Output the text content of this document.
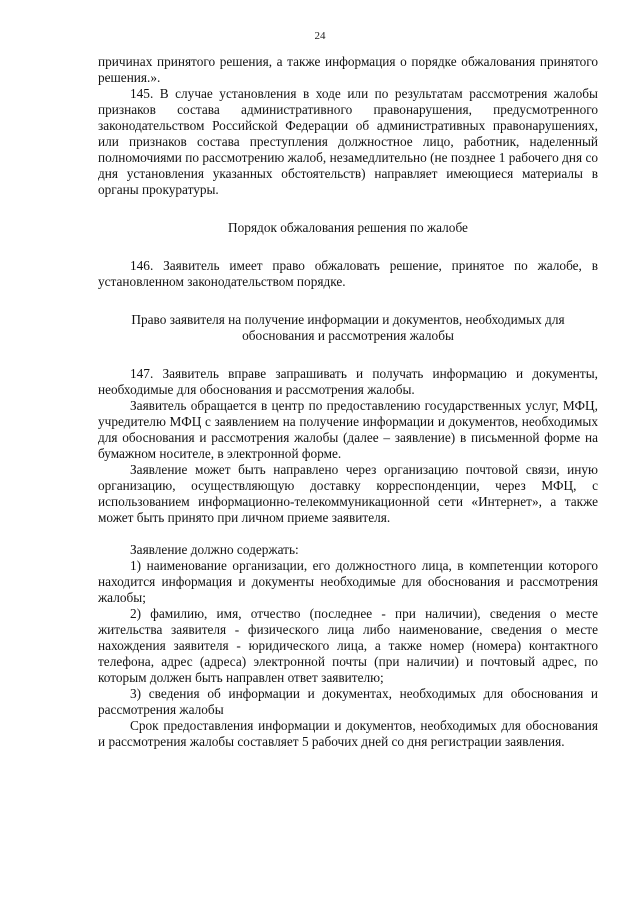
24

причинах принятого решения, а также информация о порядке обжалования принятого решения.».

145. В случае установления в ходе или по результатам рассмотрения жалобы признаков состава административного правонарушения, предусмотренного законодательством Российской Федерации об административных правонарушениях, или признаков состава преступления должностное лицо, работник, наделенный полномочиями по рассмотрению жалоб, незамедлительно (не позднее 1 рабочего дня со дня установления указанных обстоятельств) направляет имеющиеся материалы в органы прокуратуры.

Порядок обжалования решения по жалобе

146. Заявитель имеет право обжаловать решение, принятое по жалобе, в установленном законодательством порядке.

Право заявителя на получение информации и документов, необходимых для обоснования и рассмотрения жалобы

147. Заявитель вправе запрашивать и получать информацию и документы, необходимые для обоснования и рассмотрения жалобы.

Заявитель обращается в центр по предоставлению государственных услуг, МФЦ, учредителю МФЦ с заявлением на получение информации и документов, необходимых для обоснования и рассмотрения жалобы (далее – заявление) в письменной форме на бумажном носителе, в электронной форме.

Заявление может быть направлено через организацию почтовой связи, иную организацию, осуществляющую доставку корреспонденции, через МФЦ, с использованием информационно-телекоммуникационной сети «Интернет», а также может быть принято при личном приеме заявителя.

Заявление должно содержать:

1) наименование организации, его должностного лица, в компетенции которого находится информация и документы необходимые для обоснования и рассмотрения жалобы;

2) фамилию, имя, отчество (последнее - при наличии), сведения о месте жительства заявителя - физического лица либо наименование, сведения о месте нахождения заявителя - юридического лица, а также номер (номера) контактного телефона, адрес (адреса) электронной почты (при наличии) и почтовый адрес, по которым должен быть направлен ответ заявителю;

3) сведения об информации и документах, необходимых для обоснования и рассмотрения жалобы

Срок предоставления информации и документов, необходимых для обоснования и рассмотрения жалобы составляет 5 рабочих дней со дня регистрации заявления.
